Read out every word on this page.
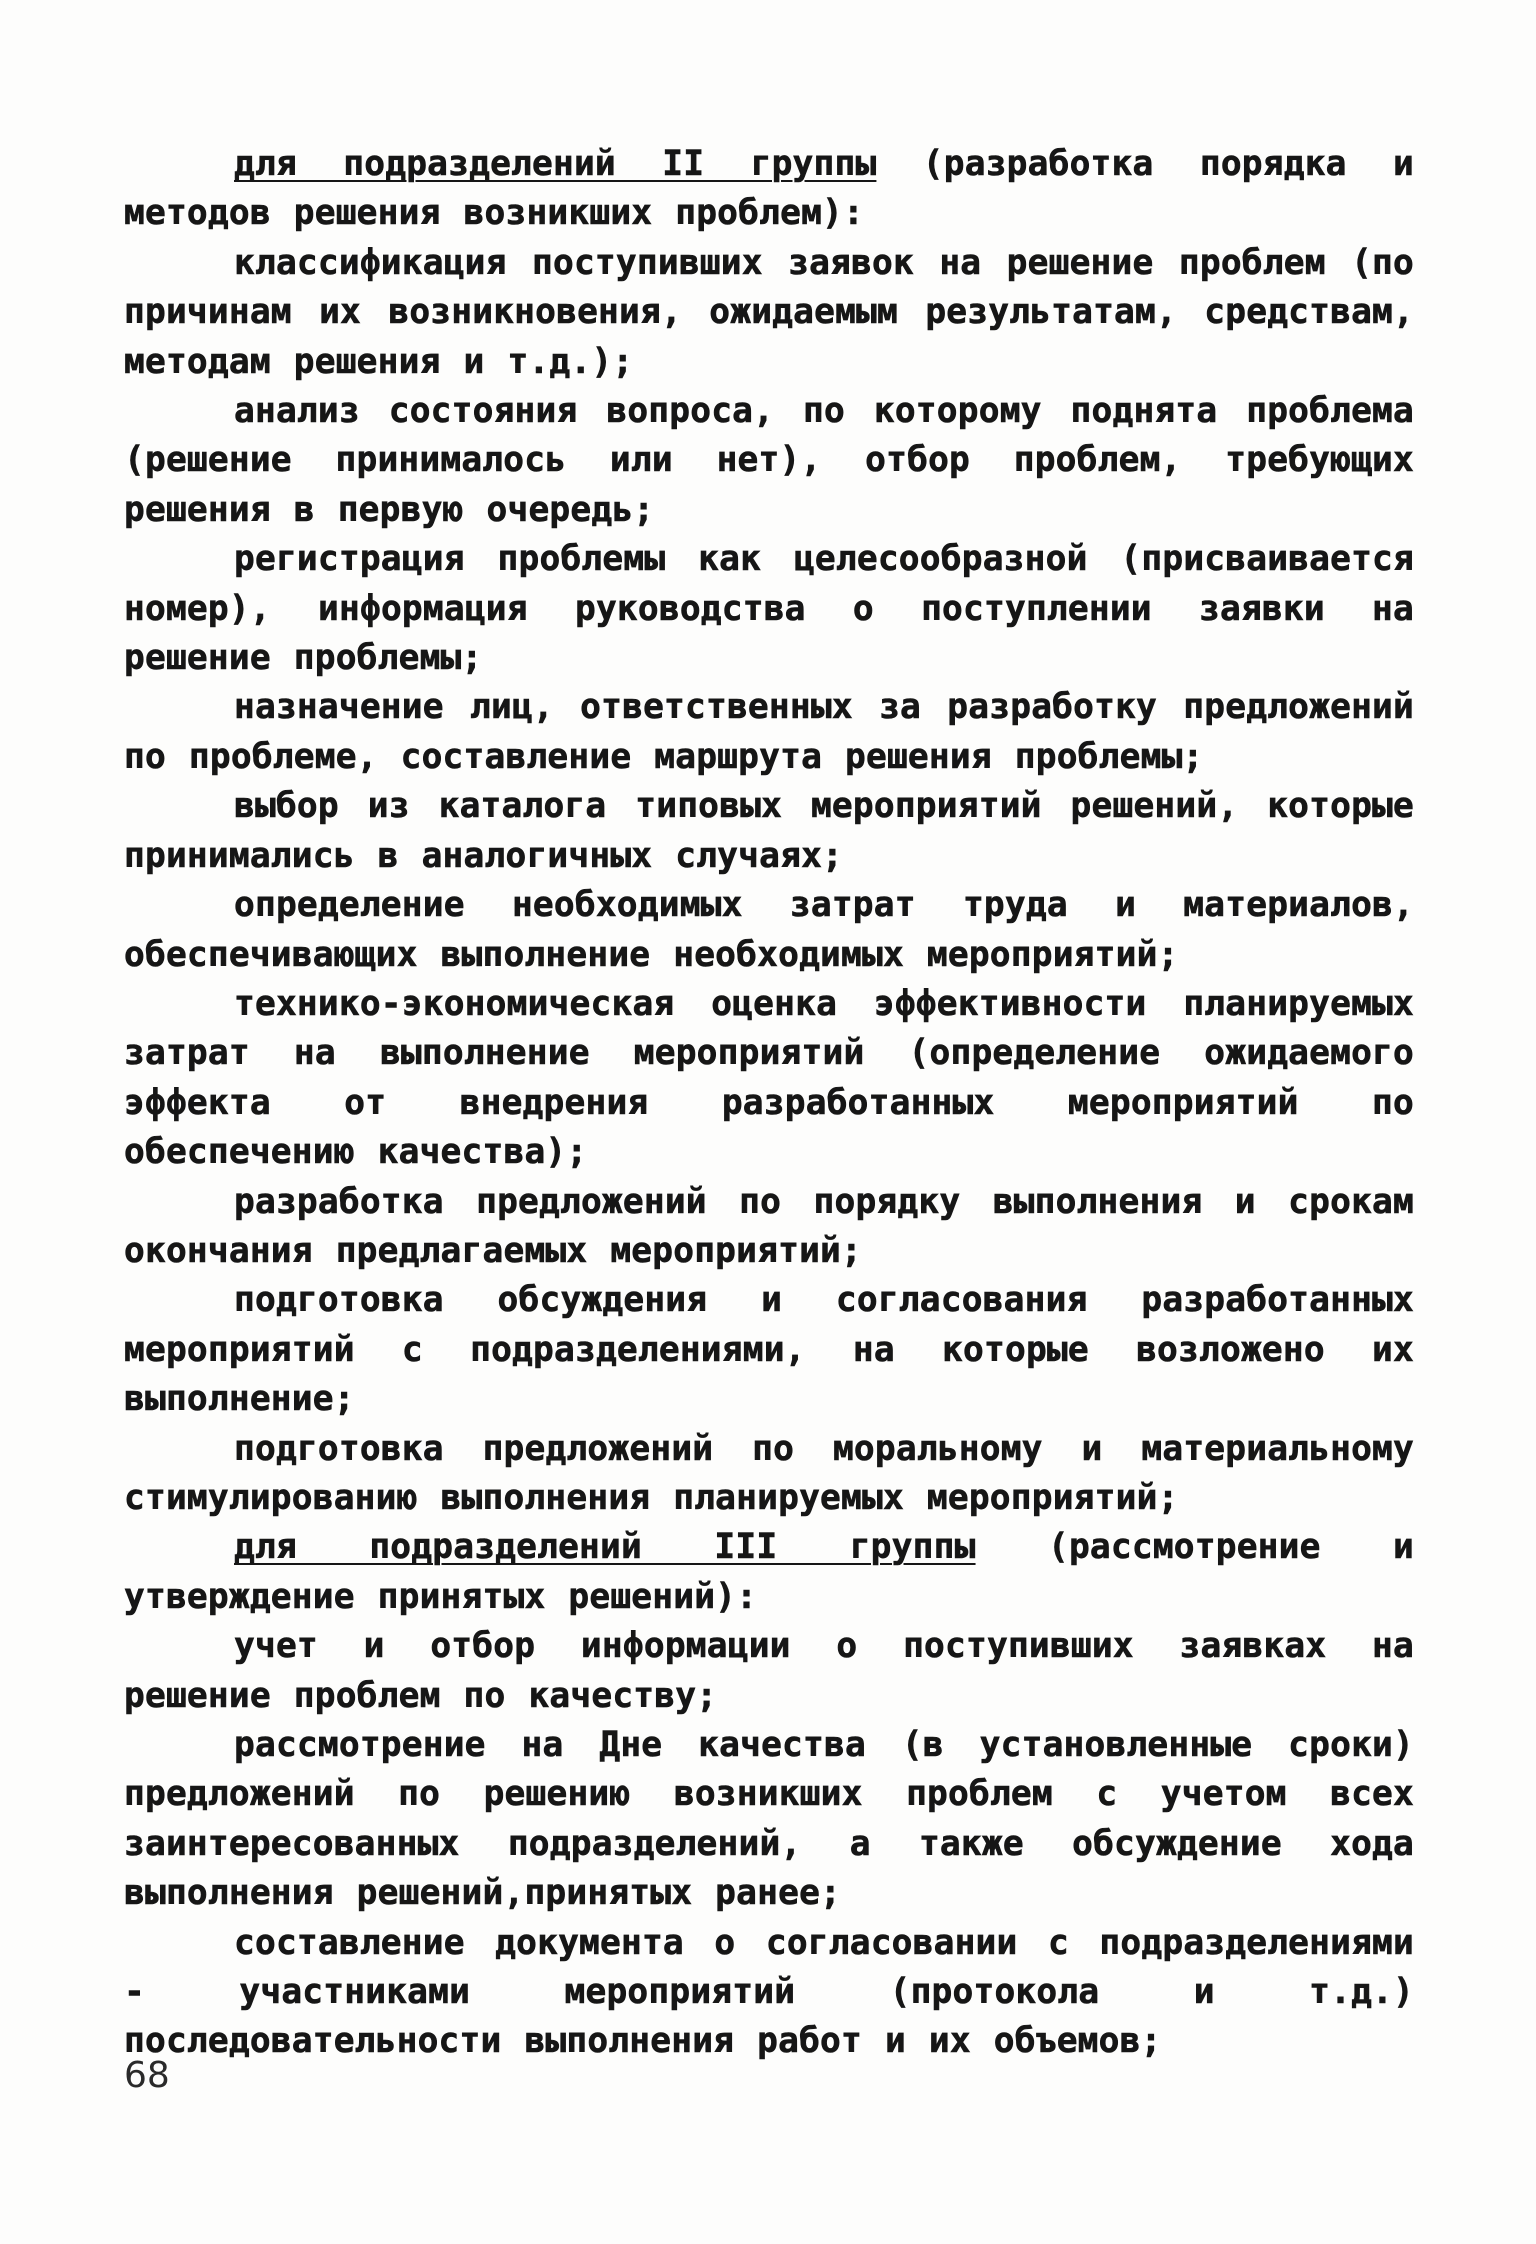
для подразделений II группы (разработка порядка и методов решения возникших проблем):

классификация поступивших заявок на решение проблем (по причинам их возникновения, ожидаемым результатам, средствам, методам решения и т.д.);

анализ состояния вопроса, по которому поднята проблема (решение принималось или нет), отбор проблем, требующих решения в первую очередь;

регистрация проблемы как целесообразной (присваивается номер), информация руководства о поступлении заявки на решение проблемы;

назначение лиц, ответственных за разработку предложений по проблеме, составление маршрута решения проблемы;

выбор из каталога типовых мероприятий решений, которые принимались в аналогичных случаях;

определение необходимых затрат труда и материалов, обеспечивающих выполнение необходимых мероприятий;

технико-экономическая оценка эффективности планируемых затрат на выполнение мероприятий (определение ожидаемого эффекта от внедрения разработанных мероприятий по обеспечению качества);

разработка предложений по порядку выполнения и срокам окончания предлагаемых мероприятий;

подготовка обсуждения и согласования разработанных мероприятий с подразделениями, на которые возложено их выполнение;

подготовка предложений по моральному и материальному стимулированию выполнения планируемых мероприятий;

для подразделений III группы (рассмотрение и утверждение принятых решений):

учет и отбор информации о поступивших заявках на решение проблем по качеству;

рассмотрение на Дне качества (в установленные сроки) предложений по решению возникших проблем с учетом всех заинтересованных подразделений, а также обсуждение хода выполнения решений,принятых ранее;

составление документа о согласовании с подразделениями - участниками мероприятий (протокола и т.д.) последовательности выполнения работ и их объемов;

68
